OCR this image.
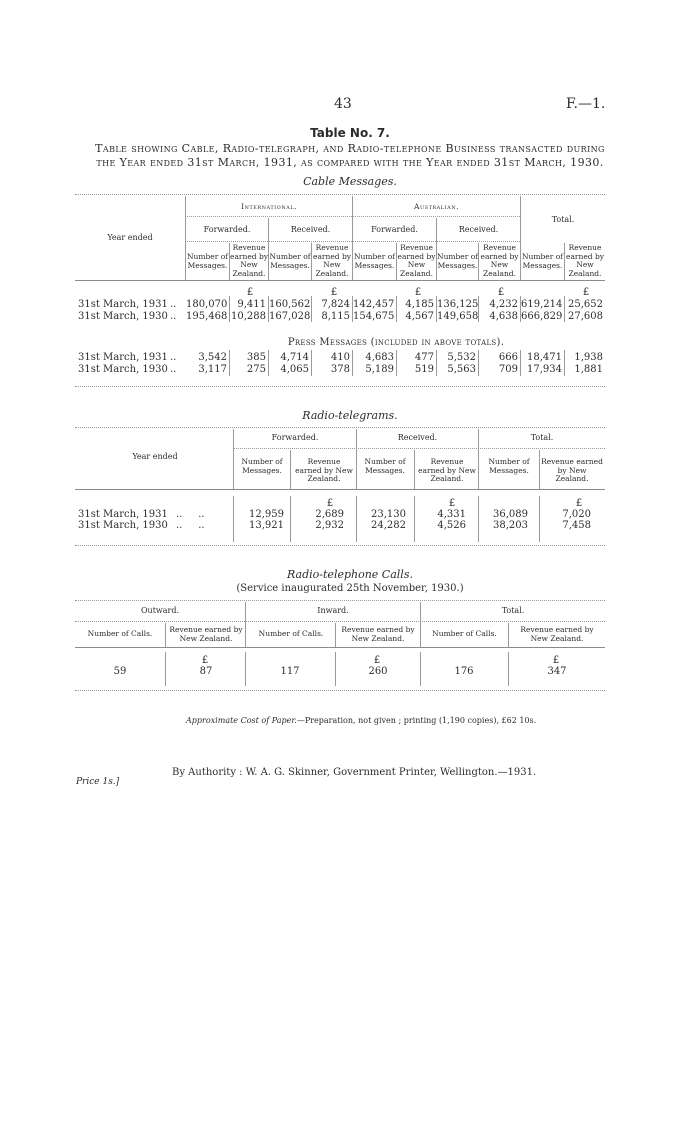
43	F.—1.
Table No. 7.
Table showing Cable, Radio-telegraph, and Radio-telephone Business transacted during
the Year ended 31st March, 1931, as compared with the Year ended 31st March, 1930.
Cable Messages.
Year ended
International.	Australian.
Total.
Forwarded.	Received.	Forwarded.	Received.
Number of Messages.
Revenue earned by New Zealand.
Number of Messages.
Revenue earned by New Zealand.
Number of Messages.
Revenue earned by New Zealand.
Number of Messages.
Revenue earned by New Zealand.
Number of Messages.
Revenue earned by New Zealand.
£	£	£	£	£
31st March, 1931 .. 180,070	9,411 160,562	7,824 142,457	4,185 136,125	4,232 619,214 25,652
31st March, 1930 .. 195,468 10,288 167,028	8,115 154,675	4,567 149,658	4,638 666,829 27,608
Press Messages (included in above totals).
31st March, 1931 ..	3,542	385	4,714	410	4,683	477	5,532	666 18,471	1,938
31st March, 1930 ..	3,117	275	4,065	378	5,189	519	5,563	709 17,934	1,881
Radio-telegrams.
Year ended
Forwarded.	Received.	Total.
Number of Messages.
Revenue earned by New Zealand.
Number of Messages.
Revenue earned by New Zealand.
Number of Messages.
Revenue earned by New Zealand.
£	£	£
31st March, 1931 ..     ..	12,959	2,689	23,130	4,331	36,089	7,020
31st March, 1930 ..     ..	13,921	2,932	24,282	4,526	38,203	7,458
Radio-telephone Calls.
(Service inaugurated 25th November, 1930.)
Outward.	Inward.	Total.
Number of Calls.	Revenue earned by New Zealand.	Number of Calls.	Revenue earned by New Zealand.	Number of Calls.	Revenue earned by New Zealand.
£	£	£
59	87	117	260	176	347
Approximate Cost of Paper.—Preparation, not given ; printing (1,190 copies), £62 10s.
By Authority : W. A. G. Skinner, Government Printer, Wellington.—1931.
Price 1s.]
